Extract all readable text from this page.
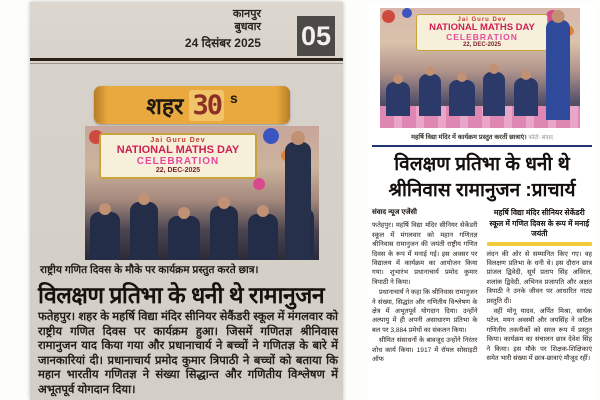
कानपुर
बुधवार
24 दिसंबर 2025 05
शहर 30 s
Jai Guru Dev
NATIONAL MATHS DAY
CELEBRATION
22, DEC-2025
राष्ट्रीय गणित दिवस के मौके पर कार्यक्रम प्रस्तुत करते छात्र।
विलक्षण प्रतिभा के धनी थे रामानुजन
फतेहपुर। शहर के महर्षि विद्या मंदिर सीनियर सेकैंडरी स्कूल में मंगलवार को राष्ट्रीय गणित दिवस पर कार्यक्रम हुआ। जिसमें गणितज्ञ श्रीनिवास रामानुजन याद किया गया और प्रधानाचार्य ने बच्चों ने गणितज्ञ के बारे में जानकारियां दी। प्रधानाचार्य प्रमोद कुमार त्रिपाठी ने बच्चों को बताया कि महान भारतीय गणितज्ञ ने संख्या सिद्धान्त और गणितीय विश्लेषण में अभूतपूर्व योगदान दिया।
Jai Guru Dev
NATIONAL MATHS DAY
CELEBRATION
22, DEC-2025
महर्षि विद्या मंदिर में कार्यक्रम प्रस्तुत करतीं छात्राएं। फोटो- संवाद
विलक्षण प्रतिभा के धनी थे
श्रीनिवास रामानुजन :प्राचार्य
संवाद न्यूज एजेंसी

फतेहपुर। महर्षि विद्या मंदिर सीनियर सेकेंडरी स्कूल में मंगलवार को महान गणितज्ञ श्रीनिवास रामानुजन की जयंती राष्ट्रीय गणित दिवस के रूप में मनाई गई। इस अवसर पर विद्यालय में कार्यक्रम का आयोजन किया गया। शुभारंभ प्रधानाचार्य प्रमोद कुमार त्रिपाठी ने किया।

प्रधानाचार्य ने कहा कि श्रीनिवास रामानुजन ने संख्या, सिद्धांत और गणितीय विश्लेषण के क्षेत्र में अभूतपूर्व योगदान दिया। उन्होंने अल्पायु में ही अपनी असाधारण प्रतिभा के बल पर 3,884 प्रमेयों का संकलन किया।

सीमित संसाधनों के बावजूद उन्होंने निरंतर शोध कार्य किया। 1917 में रॉयल सोसाइटी ऑफ

महर्षि विद्या मंदिर सीनियर सेकेंडरी स्कूल में गणित दिवस के रूप में मनाई जयंती

लंदन की ओर से सम्मानित किए गए। वह विलक्षण प्रतिभा के धनी थे। इस दौरान छात्र प्रांजल द्विवेदी, सूर्य प्रताप सिंह अविरल, शलांक द्विवेदी, अभिनव प्रजापति और अक्षत त्रिपाठी ने उनके जीवन पर आधारित नाट्य प्रस्तुति दी।

वहीं मोनू यादव, अर्पित मिश्रा, सार्थक पटेल, मयन अवस्थी और जयसिंह ने जटिल गणितीय तकनीकों को सरल रूप में प्रस्तुत किया। कार्यक्रम का संचालन छात्र देवेश सिंह ने किया। इस मौके पर शिक्षक-शिक्षिकाएं समेत भारी संख्या में छात्र-छात्राएं मौजूद रहीं।
